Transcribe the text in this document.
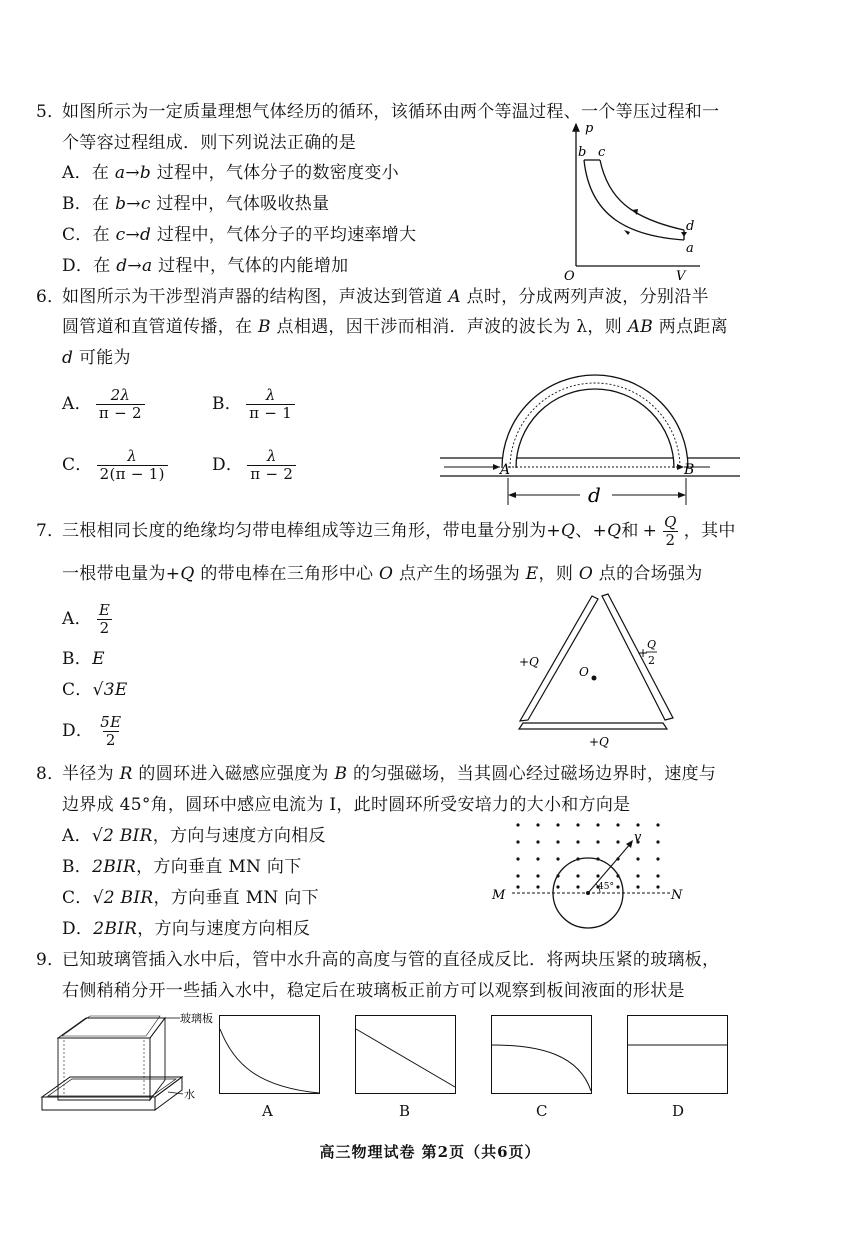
5．如图所示为一定质量理想气体经历的循环，该循环由两个等温过程、一个等压过程和一
个等容过程组成．则下列说法正确的是
A．在 a→b 过程中，气体分子的数密度变小
B．在 b→c 过程中，气体吸收热量
C．在 c→d 过程中，气体分子的平均速率增大
D．在 d→a 过程中，气体的内能增加
p
O	V
b c
d
a
6．如图所示为干涉型消声器的结构图，声波达到管道 A 点时，分成两列声波，分别沿半
圆管道和直管道传播，在 B 点相遇，因干涉而相消．声波的波长为 λ，则 AB 两点距离
d 可能为
A． $\frac{2\lambda}{\pi - 2}$	B． $\frac{\lambda}{\pi - 1}$
C． $\frac{\lambda}{2(\pi - 1)}$	D． $\frac{\lambda}{\pi - 2}$	A	B
d
7．
三根相同长度的绝缘均匀带电棒组成等边三角形，带电量分别为+ Q 、+ Q 和 + $\frac{Q}{2}$ ，其中
一根带电量为+Q 的带电棒在三角形中心 O 点产生的场强为 E，则 O 点的合场强为
A． $\frac{E}{2}$
B．E
C．√3E
D． $\frac{5E}{2}$
O
+Q
+Q
+
Q
2
8．半径为 R 的圆环进入磁感应强度为 B 的匀强磁场，当其圆心经过磁场边界时，速度与
边界成 45°角，圆环中感应电流为 I，此时圆环所受安培力的大小和方向是
A．√2 BIR，方向与速度方向相反
B．2BIR，方向垂直 MN 向下
C．√2 BIR，方向垂直 MN 向下
D．2BIR，方向与速度方向相反
M	N
v
45°
9．已知玻璃管插入水中后，管中水升高的高度与管的直径成反比．将两块压紧的玻璃板，
右侧稍稍分开一些插入水中，稳定后在玻璃板正前方可以观察到板间液面的形状是
玻璃板
水
A	B	C	D
高三物理试卷 第2页（共6页）
